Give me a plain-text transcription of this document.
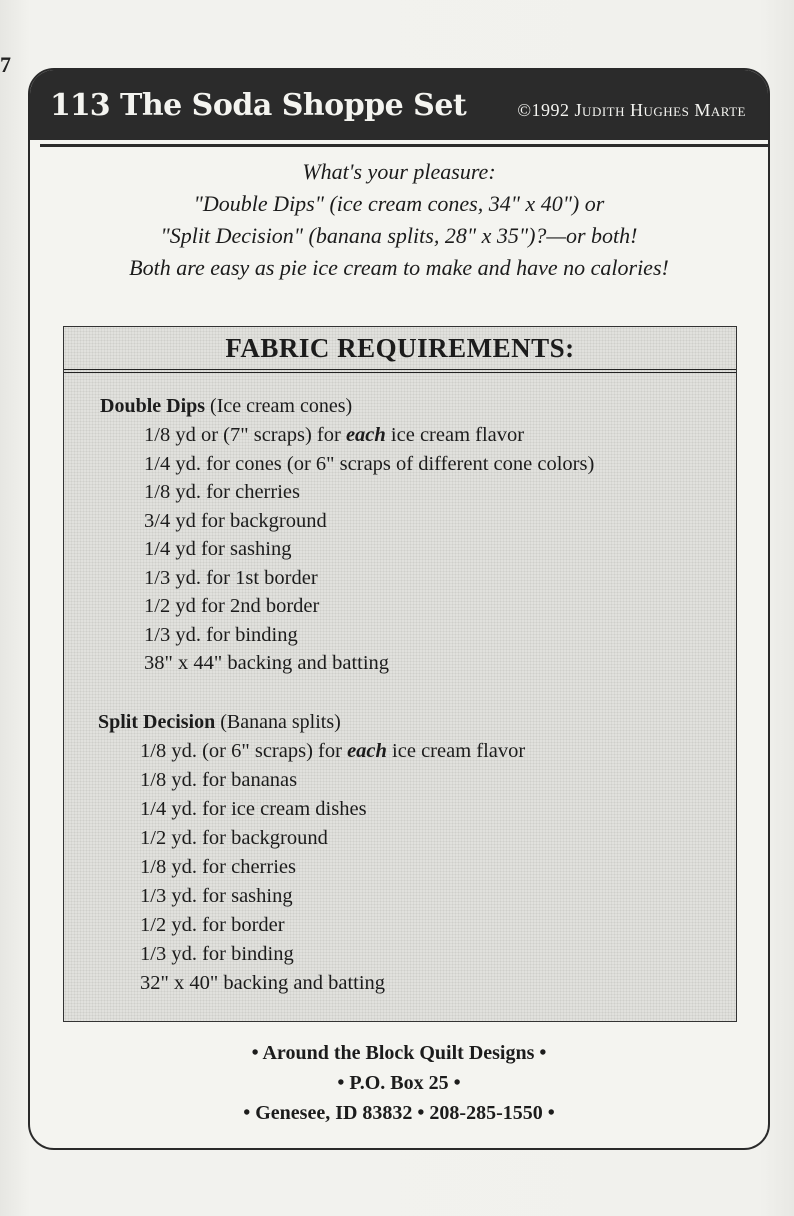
7
113 The Soda Shoppe Set	©1992 Judith Hughes Marte
What's your pleasure:
"Double Dips" (ice cream cones, 34" x 40") or
"Split Decision" (banana splits, 28" x 35")?—or both!
Both are easy as pie ice cream to make and have no calories!
FABRIC REQUIREMENTS:
Double Dips (Ice cream cones)
1/8 yd or (7" scraps) for each ice cream flavor
1/4 yd. for cones (or 6" scraps of different cone colors)
1/8 yd. for cherries
3/4 yd for background
1/4 yd for sashing
1/3 yd. for 1st border
1/2 yd for 2nd border
1/3 yd. for binding
38" x 44" backing and batting
Split Decision (Banana splits)
1/8 yd. (or 6" scraps) for each ice cream flavor
1/8 yd. for bananas
1/4 yd. for ice cream dishes
1/2 yd. for background
1/8 yd. for cherries
1/3 yd. for sashing
1/2 yd. for border
1/3 yd. for binding
32" x 40" backing and batting
• Around the Block Quilt Designs •
• P.O. Box 25 •
• Genesee, ID 83832 • 208-285-1550 •
